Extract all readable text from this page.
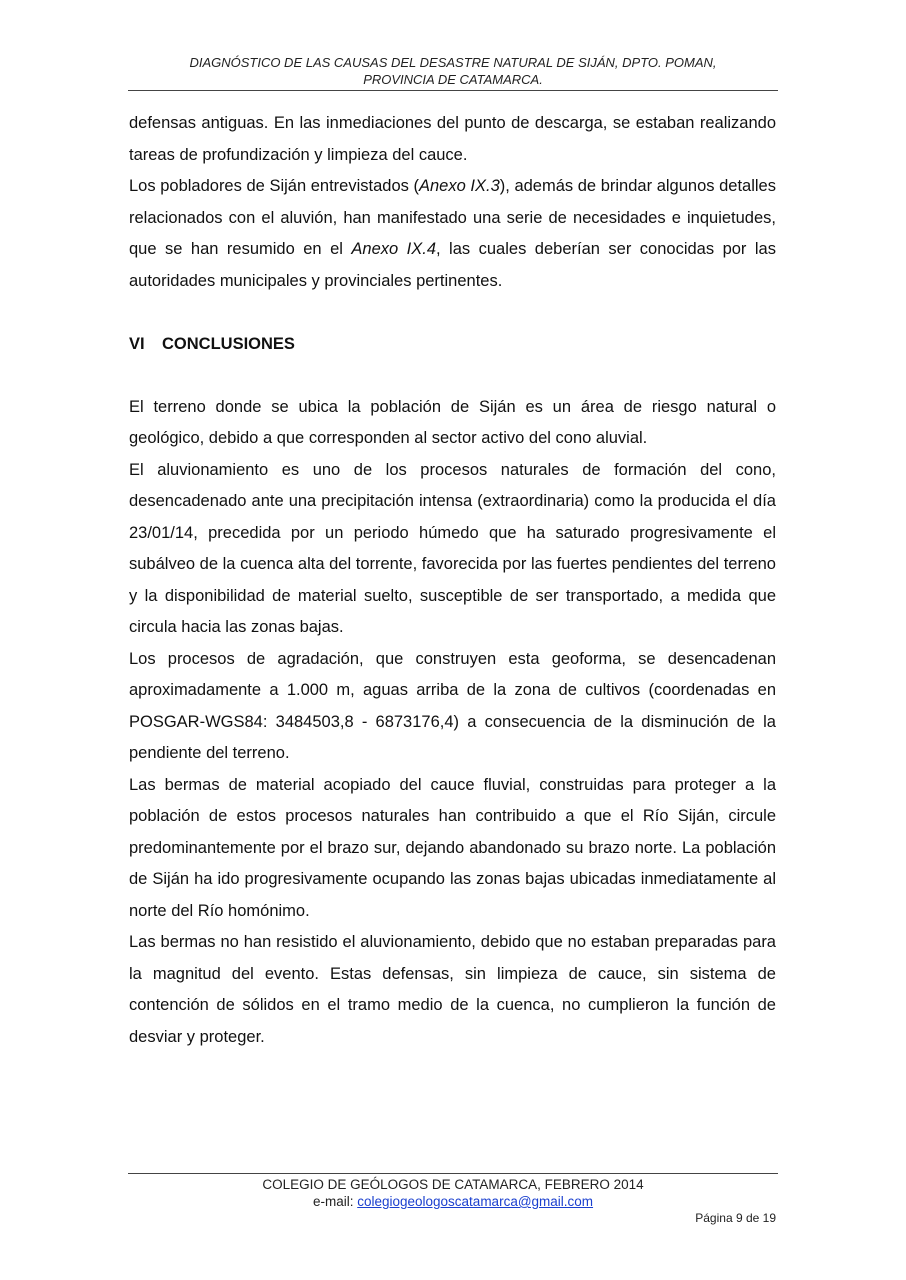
DIAGNÓSTICO DE LAS CAUSAS DEL DESASTRE NATURAL DE SIJÁN, DPTO. POMAN,
PROVINCIA DE CATAMARCA.

defensas antiguas. En las inmediaciones del punto de descarga, se estaban realizando tareas de profundización y limpieza del cauce.

Los pobladores de Siján entrevistados (Anexo IX.3), además de brindar algunos detalles relacionados con el aluvión, han manifestado una serie de necesidades e inquietudes, que se han resumido en el Anexo IX.4, las cuales deberían ser conocidas por las autoridades municipales y provinciales pertinentes.

VI CONCLUSIONES

El terreno donde se ubica la población de Siján es un área de riesgo natural o geológico, debido a que corresponden al sector activo del cono aluvial.

El aluvionamiento es uno de los procesos naturales de formación del cono, desencadenado ante una precipitación intensa (extraordinaria) como la producida el día 23/01/14, precedida por un periodo húmedo que ha saturado progresivamente el subálveo de la cuenca alta del torrente, favorecida por las fuertes pendientes del terreno y la disponibilidad de material suelto, susceptible de ser transportado, a medida que circula hacia las zonas bajas.

Los procesos de agradación, que construyen esta geoforma, se desencadenan aproximadamente a 1.000 m, aguas arriba de la zona de cultivos (coordenadas en POSGAR-WGS84: 3484503,8 - 6873176,4) a consecuencia de la disminución de la pendiente del terreno.

Las bermas de material acopiado del cauce fluvial, construidas para proteger a la población de estos procesos naturales han contribuido a que el Río Siján, circule predominantemente por el brazo sur, dejando abandonado su brazo norte. La población de Siján ha ido progresivamente ocupando las zonas bajas ubicadas inmediatamente al norte del Río homónimo.

Las bermas no han resistido el aluvionamiento, debido que no estaban preparadas para la magnitud del evento. Estas defensas, sin limpieza de cauce, sin sistema de contención de sólidos en el tramo medio de la cuenca, no cumplieron la función de desviar y proteger.

COLEGIO DE GEÓLOGOS DE CATAMARCA, FEBRERO 2014
e-mail: colegiogeologoscatamarca@gmail.com
Página 9 de 19
